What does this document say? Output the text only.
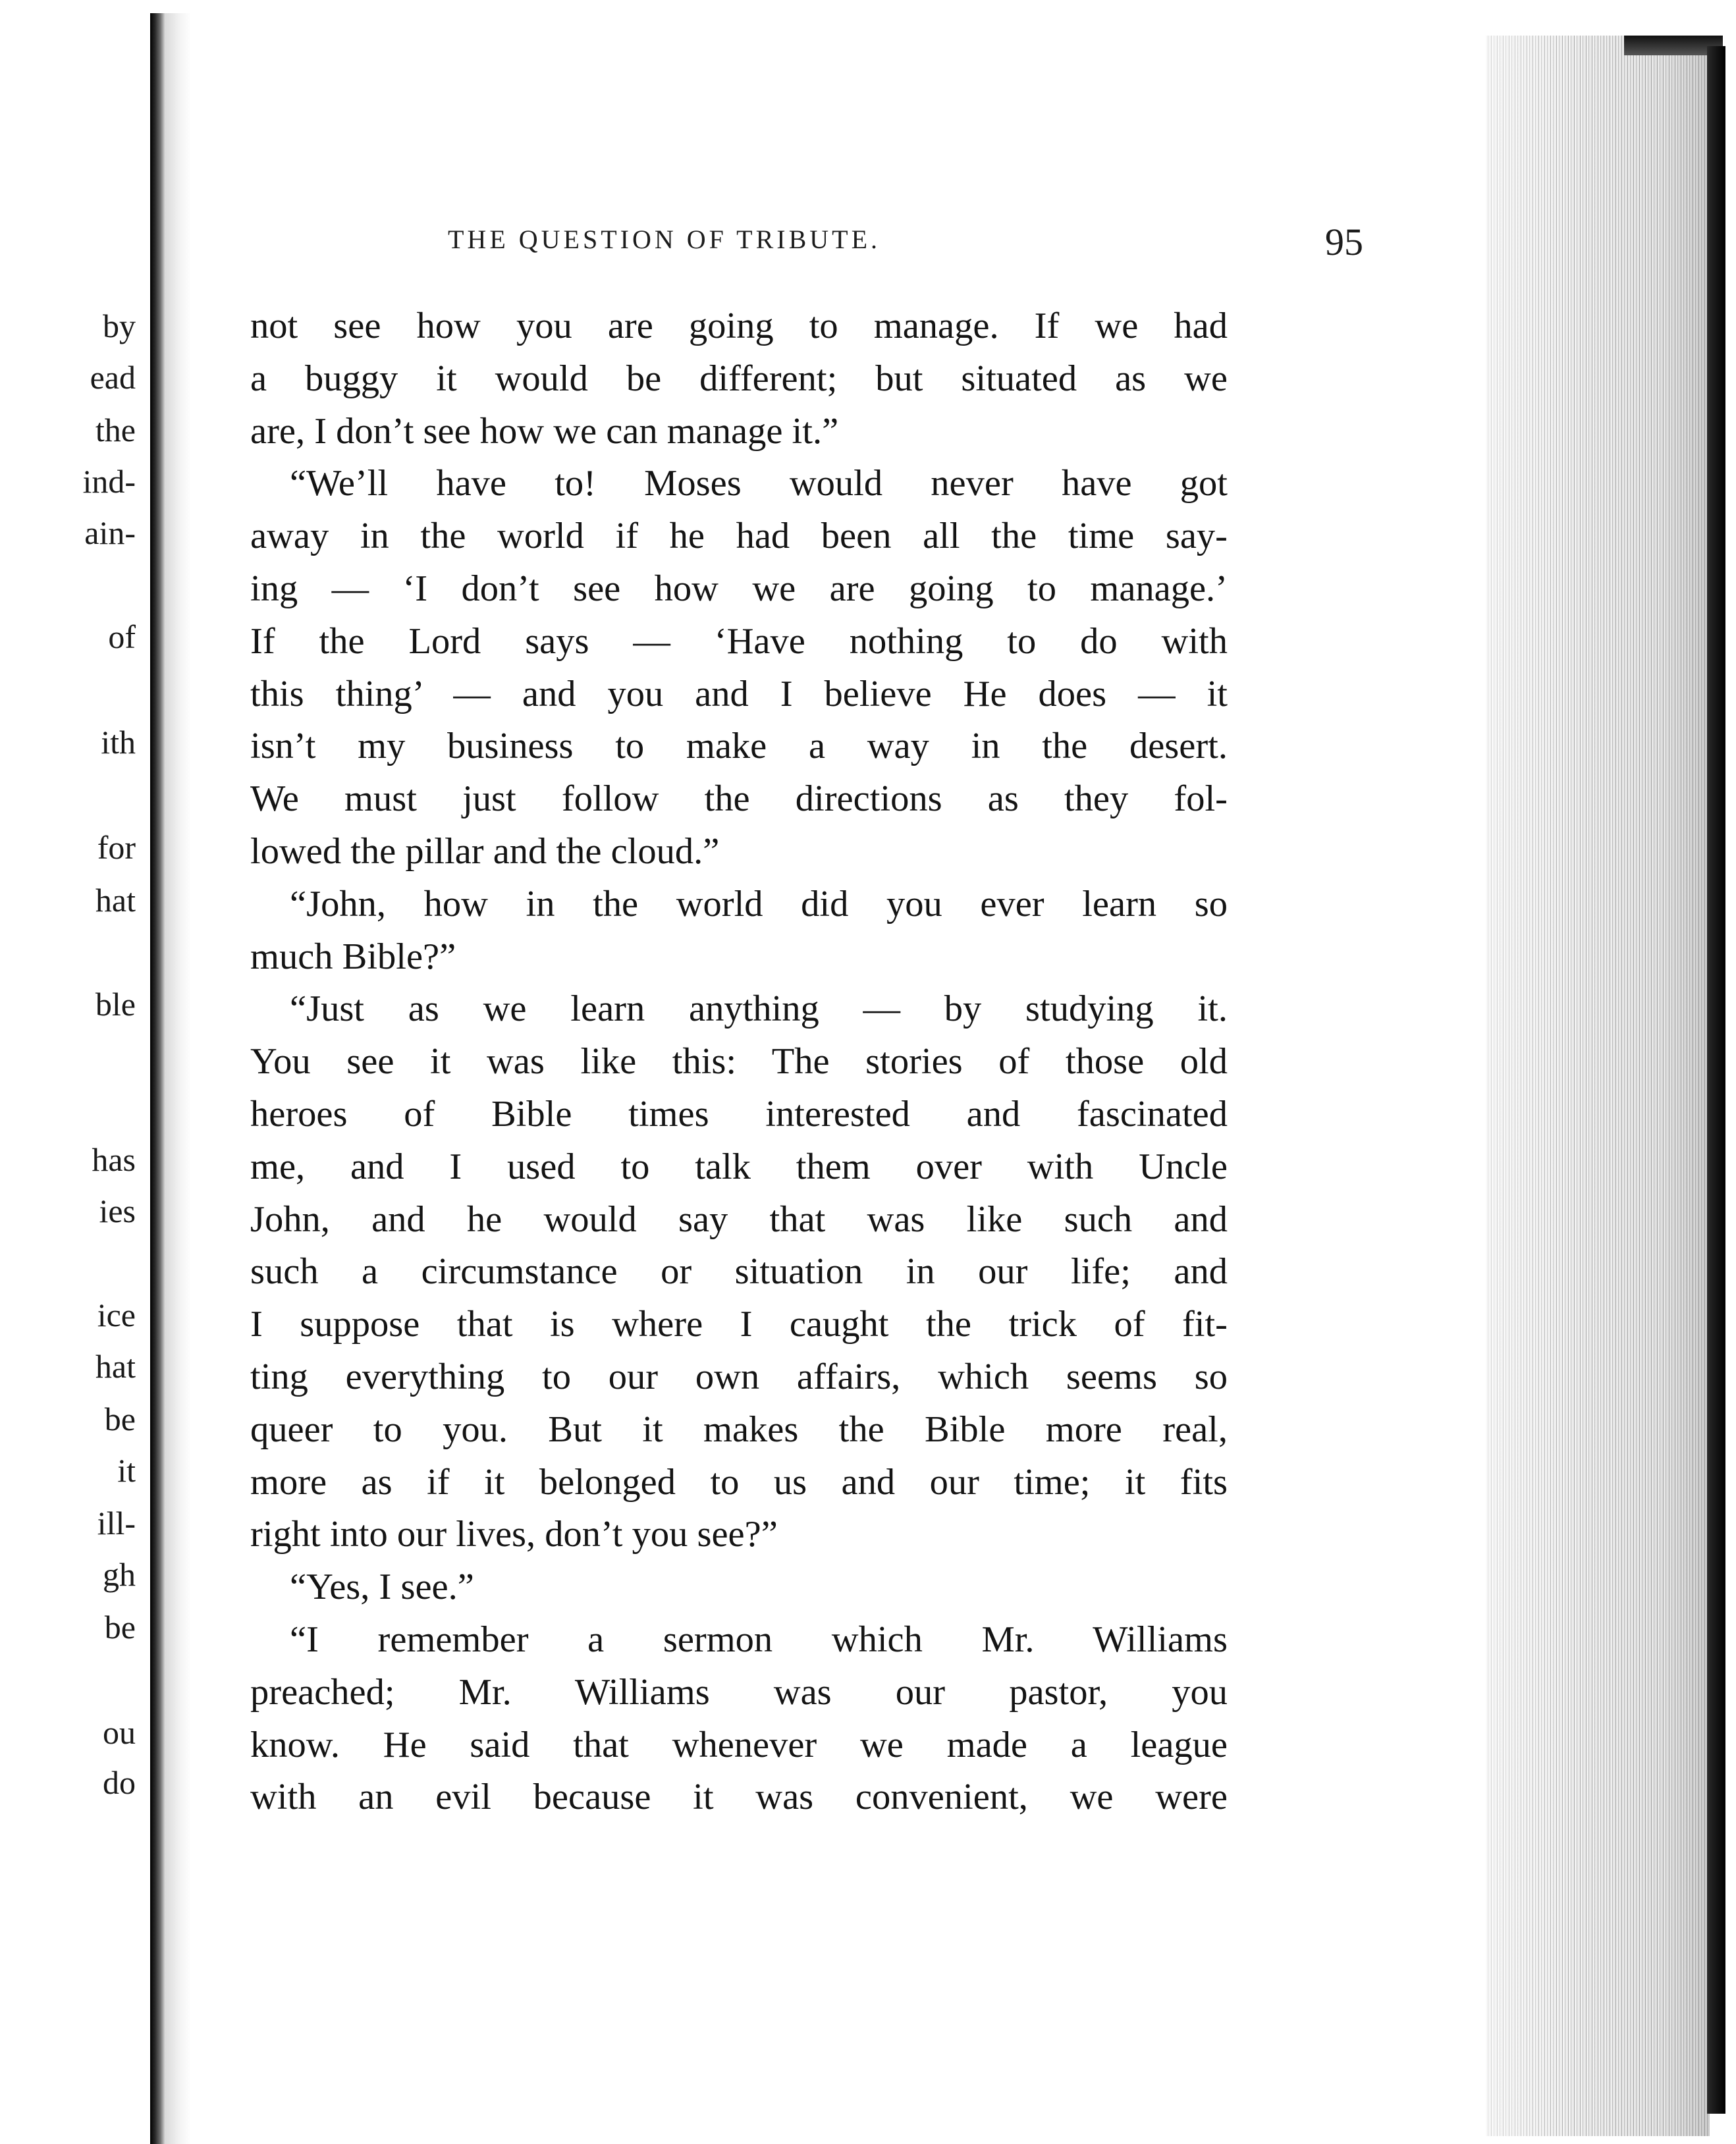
by
ead
the
ind-
ain-
of
ith
for
hat
ble
has
ies
ice
hat
be
it
ill-
gh
be
ou
do
THE QUESTION OF TRIBUTE.	95
not see how you are going to manage. If we had
a buggy it would be different; but situated as we
are, I don’t see how we can manage it.”
“We’ll have to! Moses would never have got
away in the world if he had been all the time say-
ing — ‘I don’t see how we are going to manage.’
If the Lord says — ‘Have nothing to do with
this thing’ — and you and I believe He does — it
isn’t my business to make a way in the desert.
We must just follow the directions as they fol-
lowed the pillar and the cloud.”
“John, how in the world did you ever learn so
much Bible?”
“Just as we learn anything — by studying it.
You see it was like this: The stories of those old
heroes of Bible times interested and fascinated
me, and I used to talk them over with Uncle
John, and he would say that was like such and
such a circumstance or situation in our life; and
I suppose that is where I caught the trick of fit-
ting everything to our own affairs, which seems so
queer to you. But it makes the Bible more real,
more as if it belonged to us and our time; it fits
right into our lives, don’t you see?”
“Yes, I see.”
“I remember a sermon which Mr. Williams
preached; Mr. Williams was our pastor, you
know. He said that whenever we made a league
with an evil because it was convenient, we were
